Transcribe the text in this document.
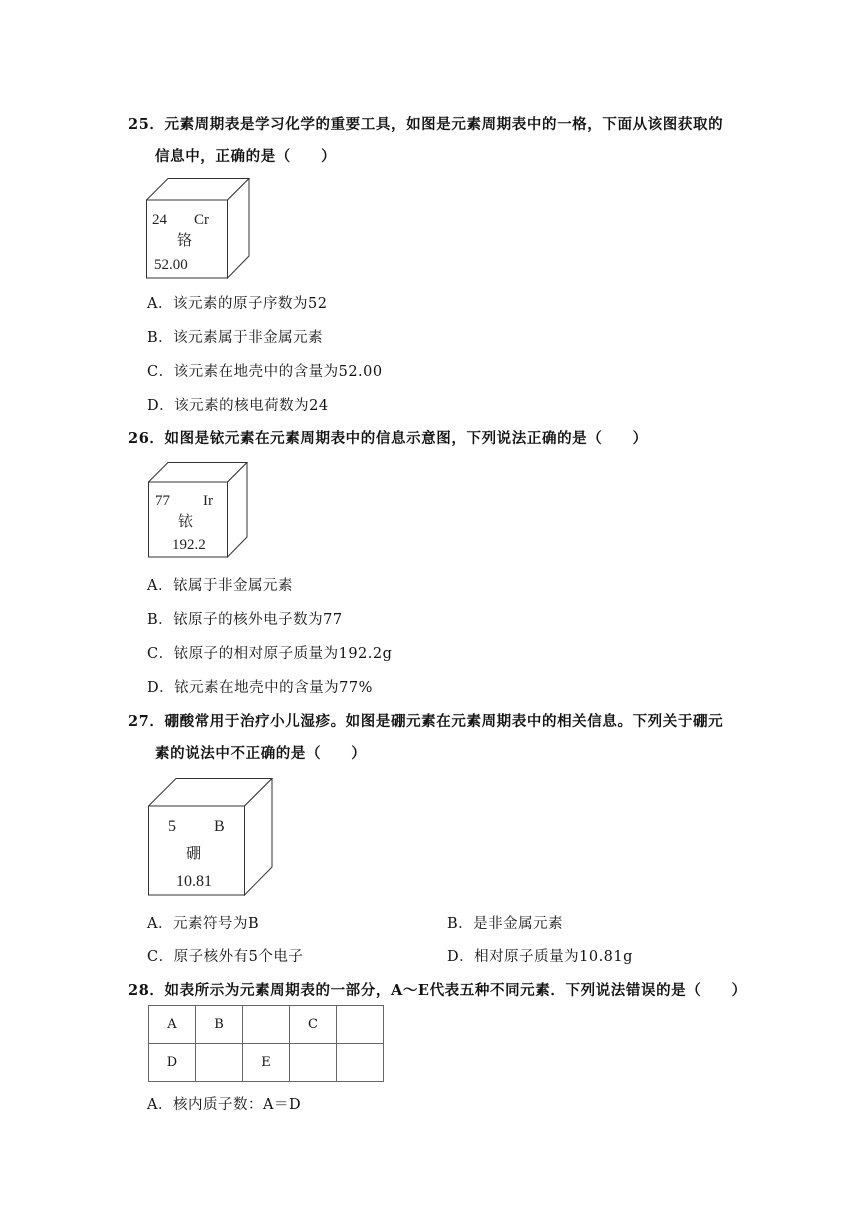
25．元素周期表是学习化学的重要工具，如图是元素周期表中的一格，下面从该图获取的
信息中，正确的是（　　）
24 Cr
铬
52.00
A．该元素的原子序数为52
B．该元素属于非金属元素
C．该元素在地壳中的含量为52.00
D．该元素的核电荷数为24
26．如图是铱元素在元素周期表中的信息示意图，下列说法正确的是（　　）
77 Ir
铱
192.2
A．铱属于非金属元素
B．铱原子的核外电子数为77
C．铱原子的相对原子质量为192.2g
D．铱元素在地壳中的含量为77%
27．硼酸常用于治疗小儿湿疹。如图是硼元素在元素周期表中的相关信息。下列关于硼元
素的说法中不正确的是（　　）
5 B
硼
10.81
A．元素符号为B	B．是非金属元素
C．原子核外有5个电子	D．相对原子质量为10.81g
28．如表所示为元素周期表的一部分，A～E代表五种不同元素．下列说法错误的是（　　）
A	B		C	
D		E		
A．核内质子数：A＝D
